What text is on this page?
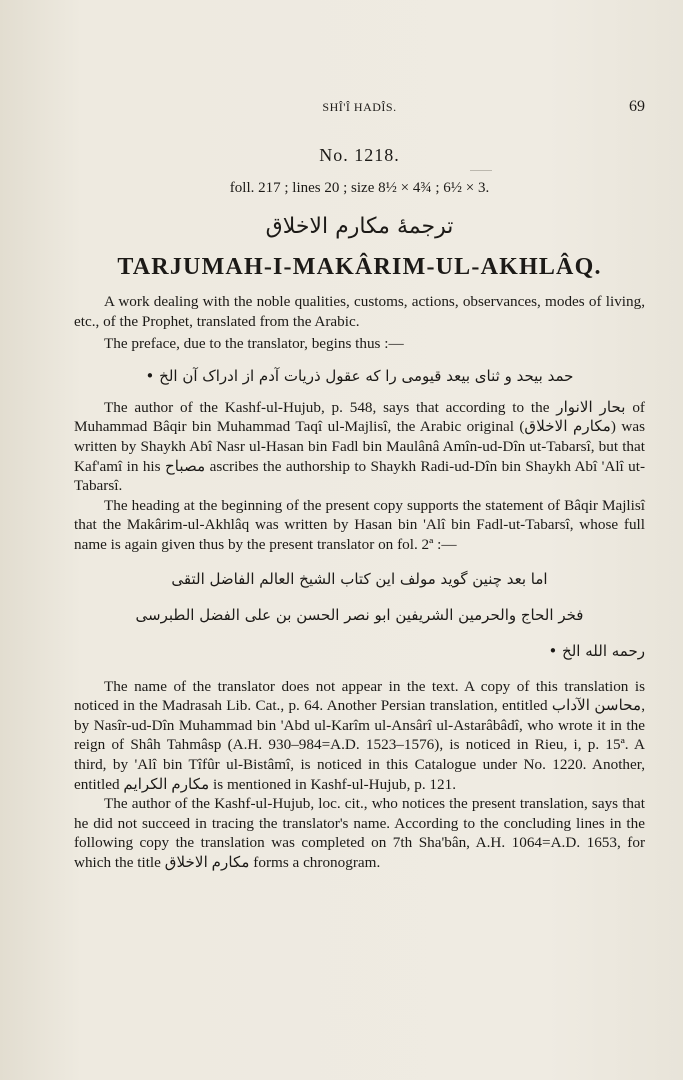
SHÎ'Î HADÎS.	69
No. 1218.
foll. 217 ; lines 20 ; size 8½ × 4¾ ; 6½ × 3.
ترجمهٔ مکارم الاخلاق
TARJUMAH-I-MAKÂRIM-UL-AKHLÂQ.

A work dealing with the noble qualities, customs, actions, observances, modes of living, etc., of the Prophet, translated from the Arabic.

The preface, due to the translator, begins thus :—

حمد بیحد و ثنای بیعد قیومی را که عقول ذریات آدم از ادراک آن الخ •

The author of the Kashf-ul-Hujub, p. 548, says that according to the بحار الانوار of Muhammad Bâqir bin Muhammad Taqî ul-Majlisî, the Arabic original (مکارم الاخلاق) was written by Shaykh Abî Nasr ul-Hasan bin Fadl bin Maulânâ Amîn-ud-Dîn ut-Tabarsî, but that Kaf'amî in his مصباح ascribes the authorship to Shaykh Radi-ud-Dîn bin Shaykh Abî 'Alî ut-Tabarsî.

The heading at the beginning of the present copy supports the statement of Bâqir Majlisî that the Makârim-ul-Akhlâq was written by Hasan bin 'Alî bin Fadl-ut-Tabarsî, whose full name is again given thus by the present translator on fol. 2ª :—

اما بعد چنین گوید مولف این کتاب الشیخ العالم الفاضل التقی
فخر الحاج والحرمین الشریفین ابو نصر الحسن بن علی الفضل الطبرسی
رحمه الله الخ •

The name of the translator does not appear in the text. A copy of this translation is noticed in the Madrasah Lib. Cat., p. 64. Another Persian translation, entitled محاسن الآداب, by Nasîr-ud-Dîn Muhammad bin 'Abd ul-Karîm ul-Ansârî ul-Astarâbâdî, who wrote it in the reign of Shâh Tahmâsp (A.H. 930–984=A.D. 1523–1576), is noticed in Rieu, i, p. 15ª. A third, by 'Alî bin Tîfûr ul-Bistâmî, is noticed in this Catalogue under No. 1220. Another, entitled مکارم الکرایم is mentioned in Kashf-ul-Hujub, p. 121.

The author of the Kashf-ul-Hujub, loc. cit., who notices the present translation, says that he did not succeed in tracing the translator's name. According to the concluding lines in the following copy the translation was completed on 7th Sha'bân, A.H. 1064=A.D. 1653, for which the title مکارم الاخلاق forms a chronogram.
